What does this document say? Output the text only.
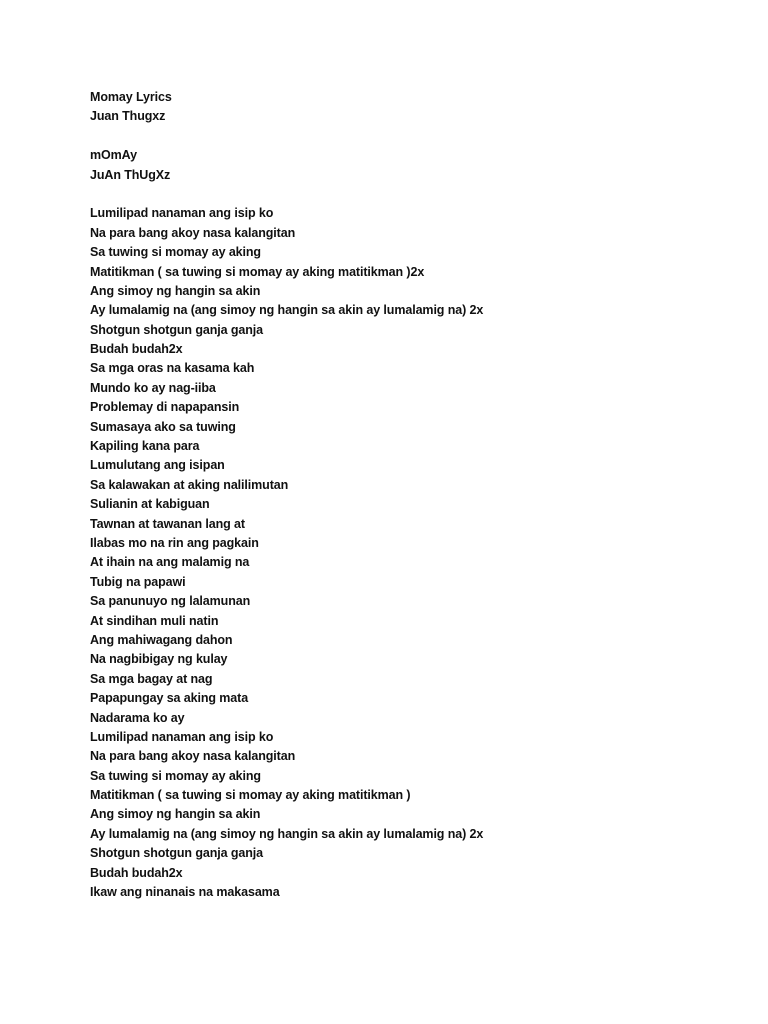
Momay Lyrics
Juan Thugxz
mOmAy
JuAn ThUgXz
Lumilipad nanaman ang isip ko
Na para bang akoy nasa kalangitan
Sa tuwing si momay ay aking
Matitikman ( sa tuwing si momay ay aking matitikman )2x
Ang simoy ng hangin sa akin
Ay lumalamig na (ang simoy ng hangin sa akin ay lumalamig na) 2x
Shotgun shotgun ganja ganja
Budah budah2x
Sa mga oras na kasama kah
Mundo ko ay nag-iiba
Problemay di napapansin
Sumasaya ako sa tuwing
Kapiling kana para
Lumulutang ang isipan
Sa kalawakan at aking nalilimutan
Sulianin at kabiguan
Tawnan at tawanan lang at
Ilabas mo na rin ang pagkain
At ihain na ang malamig na
Tubig na papawi
Sa panunuyo ng lalamunan
At sindihan muli natin
Ang mahiwagang dahon
Na nagbibigay ng kulay
Sa mga bagay at nag
Papapungay sa aking mata
Nadarama ko ay
Lumilipad nanaman ang isip ko
Na para bang akoy nasa kalangitan
Sa tuwing si momay ay aking
Matitikman ( sa tuwing si momay ay aking matitikman )
Ang simoy ng hangin sa akin
Ay lumalamig na (ang simoy ng hangin sa akin ay lumalamig na) 2x
Shotgun shotgun ganja ganja
Budah budah2x
Ikaw ang ninanais na makasama
